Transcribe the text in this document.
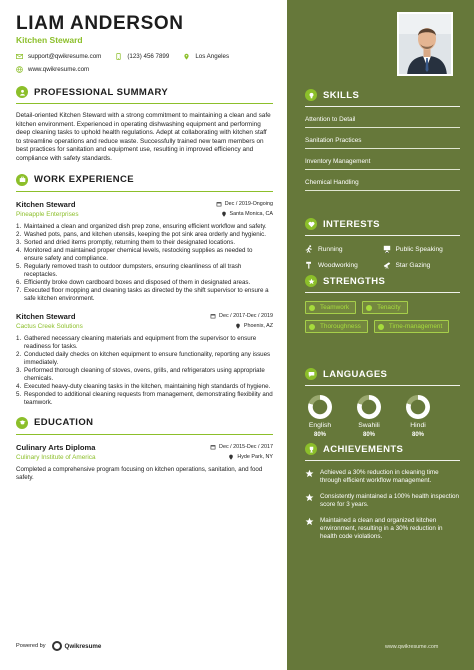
LIAM ANDERSON
Kitchen Steward
support@qwikresume.com	(123) 456 7899	Los Angeles
www.qwikresume.com
PROFESSIONAL SUMMARY
Detail-oriented Kitchen Steward with a strong commitment to maintaining a clean and safe kitchen environment. Experienced in operating dishwashing equipment and performing deep cleaning tasks to uphold health regulations. Adept at collaborating with kitchen staff to streamline operations and reduce waste. Successfully trained new team members on best practices for sanitation and equipment use, resulting in improved efficiency and compliance with safety standards.
WORK EXPERIENCE
Kitchen Steward	Dec / 2019-Ongoing
Pineapple Enterprises	Santa Monica, CA
1. Maintained a clean and organized dish prep zone, ensuring efficient workflow and safety.
2. Washed pots, pans, and kitchen utensils, keeping the pot sink area orderly and hygienic.
3. Sorted and dried items promptly, returning them to their designated locations.
4. Monitored and maintained proper chemical levels, restocking supplies as needed to ensure safety and compliance.
5. Regularly removed trash to outdoor dumpsters, ensuring cleanliness of all trash receptacles.
6. Efficiently broke down cardboard boxes and disposed of them in designated areas.
7. Executed floor mopping and cleaning tasks as directed by the shift supervisor to ensure a safe kitchen environment.
Kitchen Steward	Dec / 2017-Dec / 2019
Cactus Creek Solutions	Phoenix, AZ
1. Gathered necessary cleaning materials and equipment from the supervisor to ensure readiness for tasks.
2. Conducted daily checks on kitchen equipment to ensure functionality, reporting any issues immediately.
3. Performed thorough cleaning of stoves, ovens, grills, and refrigerators using appropriate chemicals.
4. Executed heavy-duty cleaning tasks in the kitchen, maintaining high standards of hygiene.
5. Responded to additional cleaning requests from management, demonstrating flexibility and teamwork.
EDUCATION
Culinary Arts Diploma	Dec / 2015-Dec / 2017
Culinary Institute of America	Hyde Park, NY
Completed a comprehensive program focusing on kitchen operations, sanitation, and food safety.
Powered by	Qwikresume
SKILLS
Attention to Detail
Sanitation Practices
Inventory Management
Chemical Handling
INTERESTS
Running	Public Speaking
Woodworking	Star Gazing
STRENGTHS
Teamwork	Tenacity
Thoroughness	Time-management
LANGUAGES
English
80%
Swahili
80%
Hindi
80%
ACHIEVEMENTS
Achieved a 30% reduction in cleaning time through efficient workflow management.
Consistently maintained a 100% health inspection score for 3 years.
Maintained a clean and organized kitchen environment, resulting in a 30% reduction in health code violations.
www.qwikresume.com
